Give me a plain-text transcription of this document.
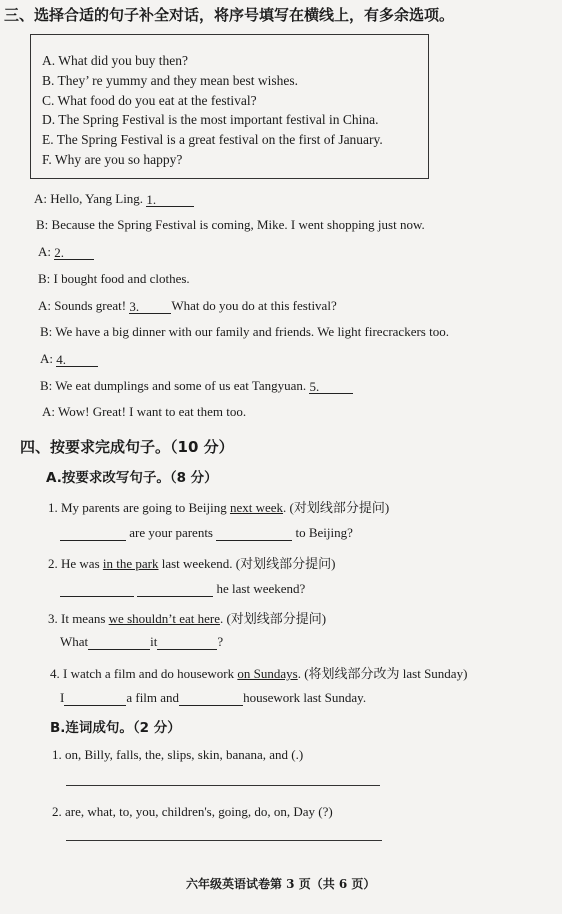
三、选择合适的句子补全对话，将序号填写在横线上，有多余选项。
A. What did you buy then?
B. They’ re yummy and they mean best wishes.
C. What food do you eat at the festival?
D. The Spring Festival is the most important festival in China.
E. The Spring Festival is a great festival on the first of January.
F. Why are you so happy?
A: Hello, Yang Ling. 1.
B: Because the Spring Festival is coming, Mike. I went shopping just now.
A: 2.
B: I bought food and clothes.
A: Sounds great! 3. What do you do at this festival?
B: We have a big dinner with our family and friends. We light firecrackers too.
A: 4.
B: We eat dumplings and some of us eat Tangyuan. 5.
A: Wow! Great! I want to eat them too.
四、按要求完成句子。（10 分）
A.按要求改写句子。（8 分）
1. My parents are going to Beijing next week. (对划线部分提问)
are your parents	to Beijing?
2. He was in the park last weekend. (对划线部分提问)
he last weekend?
3. It means we shouldn’t eat here. (对划线部分提问)
What	it	?
4. I watch a film and do housework on Sundays. (将划线部分改为 last Sunday)
I	a film and	housework last Sunday.
B.连词成句。（2 分）
1. on, Billy, falls, the, slips, skin, banana, and (.)
2. are, what, to, you, children's, going, do, on, Day (?)
六年级英语试卷第 3 页（共 6 页）
